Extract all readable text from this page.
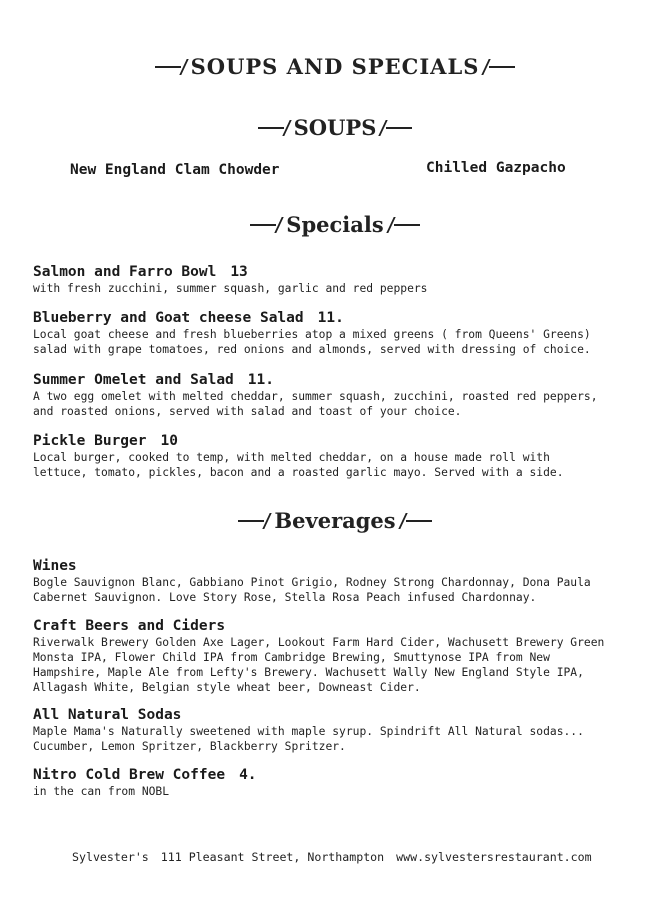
SOUPS AND SPECIALS
SOUPS
New England Clam Chowder	Chilled Gazpacho
Specials
Salmon and Farro Bowl 13
with fresh zucchini, summer squash, garlic and red peppers
Blueberry and Goat cheese Salad 11.
Local goat cheese and fresh blueberries atop a mixed greens ( from Queens' Greens)
salad with grape tomatoes, red onions and almonds, served with dressing of choice.
Summer Omelet and Salad 11.
A two egg omelet with melted cheddar, summer squash, zucchini, roasted red peppers,
and roasted onions, served with salad and toast of your choice.
Pickle Burger 10
Local burger, cooked to temp, with melted cheddar, on a house made roll with
lettuce, tomato, pickles, bacon and a roasted garlic mayo. Served with a side.
Beverages
Wines
Bogle Sauvignon Blanc, Gabbiano Pinot Grigio, Rodney Strong Chardonnay, Dona Paula
Cabernet Sauvignon. Love Story Rose, Stella Rosa Peach infused Chardonnay.
Craft Beers and Ciders
Riverwalk Brewery Golden Axe Lager, Lookout Farm Hard Cider, Wachusett Brewery Green
Monsta IPA, Flower Child IPA from Cambridge Brewing, Smuttynose IPA from New
Hampshire, Maple Ale from Lefty's Brewery. Wachusett Wally New England Style IPA,
Allagash White, Belgian style wheat beer, Downeast Cider.
All Natural Sodas
Maple Mama's Naturally sweetened with maple syrup. Spindrift All Natural sodas...
Cucumber, Lemon Spritzer, Blackberry Spritzer.
Nitro Cold Brew Coffee 4.
in the can from NOBL
Sylvester's 111 Pleasant Street, Northampton www.sylvestersrestaurant.com
